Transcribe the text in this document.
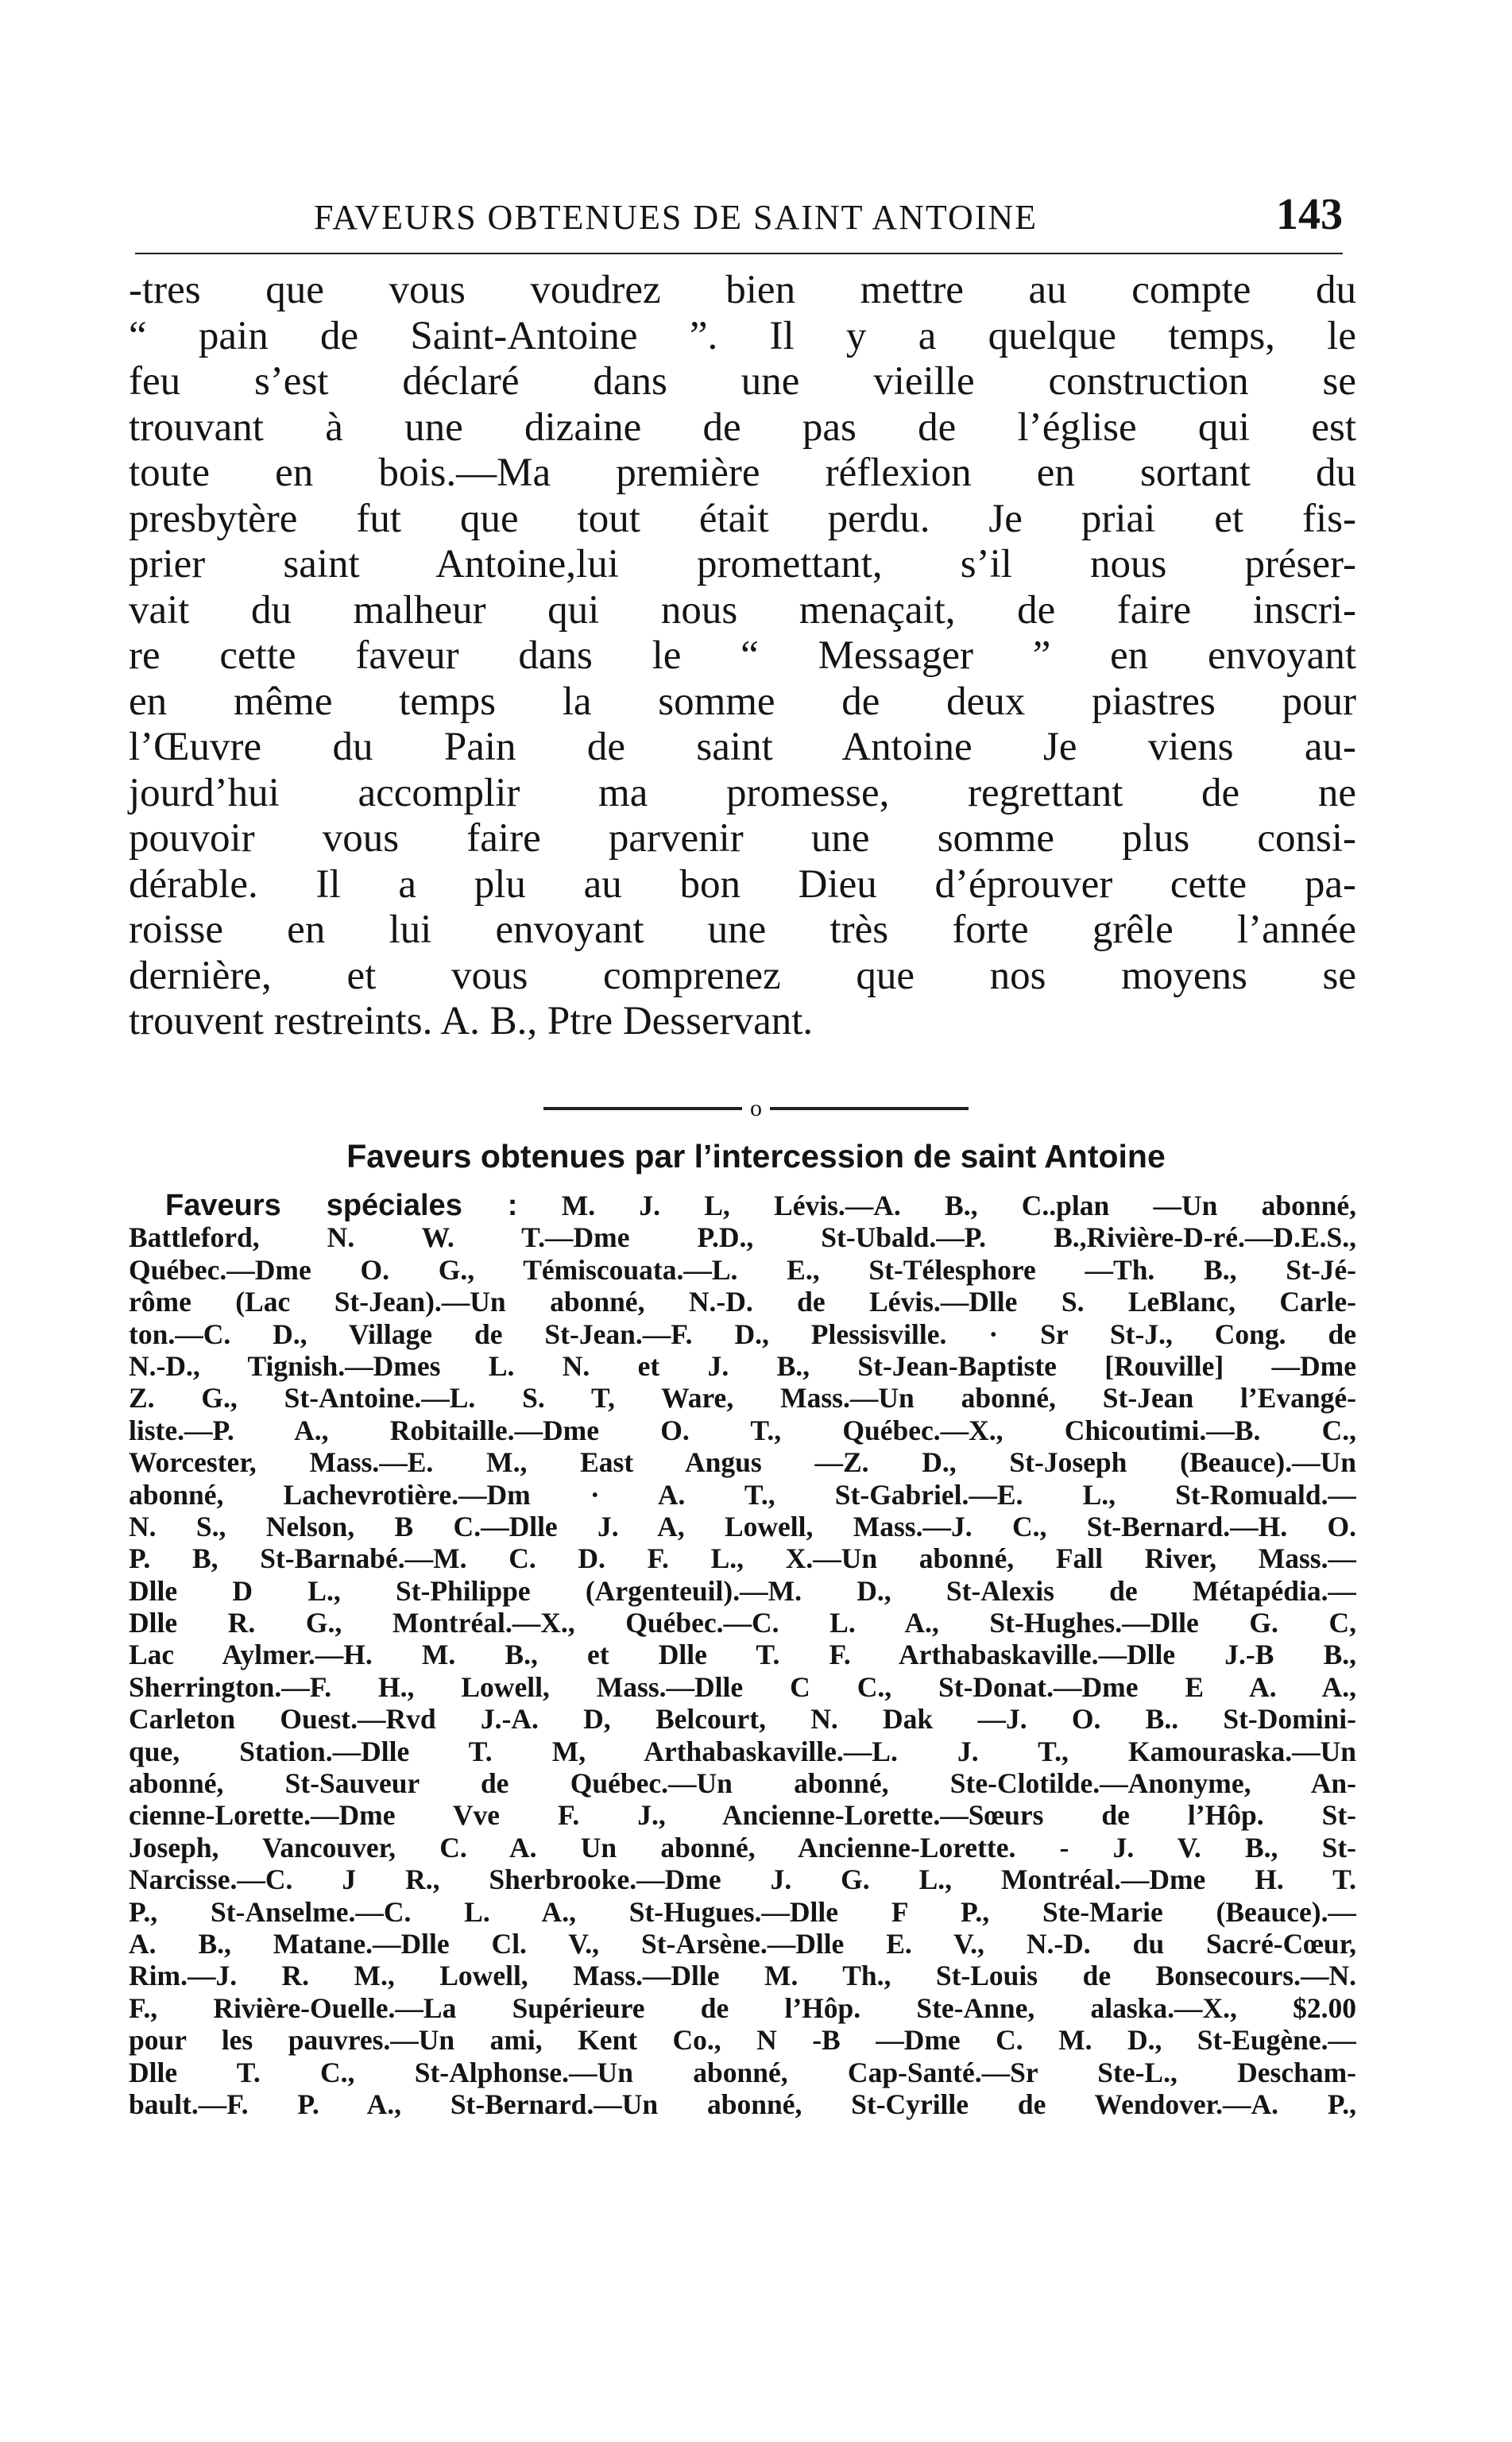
FAVEURS OBTENUES DE SAINT ANTOINE	143
-tres que vous voudrez bien mettre au compte du
“ pain de Saint-Antoine ”. Il y a quelque temps, le
feu s’est déclaré dans une vieille construction se
trouvant à une dizaine de pas de l’église qui est
toute en bois.—Ma première réflexion en sortant du
presbytère fut que tout était perdu. Je priai et fis-
prier saint Antoine,lui promettant, s’il nous préser-
vait du malheur qui nous menaçait, de faire inscri-
re cette faveur dans le “ Messager ” en envoyant
en même temps la somme de deux piastres pour
l’Œuvre du Pain de saint Antoine Je viens au-
jourd’hui accomplir ma promesse, regrettant de ne
pouvoir vous faire parvenir une somme plus consi-
dérable. Il a plu au bon Dieu d’éprouver cette pa-
roisse en lui envoyant une très forte grêle l’année
dernière, et vous comprenez que nos moyens se
trouvent restreints. A. B., Ptre Desservant.
o
Faveurs obtenues par l’intercession de saint Antoine
Faveurs spéciales : M. J. L, Lévis.—A. B., C..plan —Un abonné,
Battleford, N. W. T.—Dme P.D., St-Ubald.—P. B.,Rivière-D-ré.—D.E.S.,
Québec.—Dme O. G., Témiscouata.—L. E., St-Télesphore —Th. B., St-Jé-
rôme (Lac St-Jean).—Un abonné, N.-D. de Lévis.—Dlle S. LeBlanc, Carle-
ton.—C. D., Village de St-Jean.—F. D., Plessisville. · Sr St-J., Cong. de
N.-D., Tignish.—Dmes L. N. et J. B., St-Jean-Baptiste [Rouville] —Dme
Z. G., St-Antoine.—L. S. T, Ware, Mass.—Un abonné, St-Jean l’Evangé-
liste.—P. A., Robitaille.—Dme O. T., Québec.—X., Chicoutimi.—B. C.,
Worcester, Mass.—E. M., East Angus —Z. D., St-Joseph (Beauce).—Un
abonné, Lachevrotière.—Dm · A. T., St-Gabriel.—E. L., St-Romuald.—
N. S., Nelson, B C.—Dlle J. A, Lowell, Mass.—J. C., St-Bernard.—H. O.
P. B, St-Barnabé.—M. C. D. F. L., X.—Un abonné, Fall River, Mass.—
Dlle D L., St-Philippe (Argenteuil).—M. D., St-Alexis de Métapédia.—
Dlle R. G., Montréal.—X., Québec.—C. L. A., St-Hughes.—Dlle G. C,
Lac Aylmer.—H. M. B., et Dlle T. F. Arthabaskaville.—Dlle J.-B B.,
Sherrington.—F. H., Lowell, Mass.—Dlle C C., St-Donat.—Dme E A. A.,
Carleton Ouest.—Rvd J.-A. D, Belcourt, N. Dak —J. O. B.. St-Domini-
que, Station.—Dlle T. M, Arthabaskaville.—L. J. T., Kamouraska.—Un
abonné, St-Sauveur de Québec.—Un abonné, Ste-Clotilde.—Anonyme, An-
cienne-Lorette.—Dme Vve F. J., Ancienne-Lorette.—Sœurs de l’Hôp. St-
Joseph, Vancouver, C. A. Un abonné, Ancienne-Lorette. - J. V. B., St-
Narcisse.—C. J R., Sherbrooke.—Dme J. G. L., Montréal.—Dme H. T.
P., St-Anselme.—C. L. A., St-Hugues.—Dlle F P., Ste-Marie (Beauce).—
A. B., Matane.—Dlle Cl. V., St-Arsène.—Dlle E. V., N.-D. du Sacré-Cœur,
Rim.—J. R. M., Lowell, Mass.—Dlle M. Th., St-Louis de Bonsecours.—N.
F., Rivière-Ouelle.—La Supérieure de l’Hôp. Ste-Anne, alaska.—X., $2.00
pour les pauvres.—Un ami, Kent Co., N -B —Dme C. M. D., St-Eugène.—
Dlle T. C., St-Alphonse.—Un abonné, Cap-Santé.—Sr Ste-L., Descham-
bault.—F. P. A., St-Bernard.—Un abonné, St-Cyrille de Wendover.—A. P.,
